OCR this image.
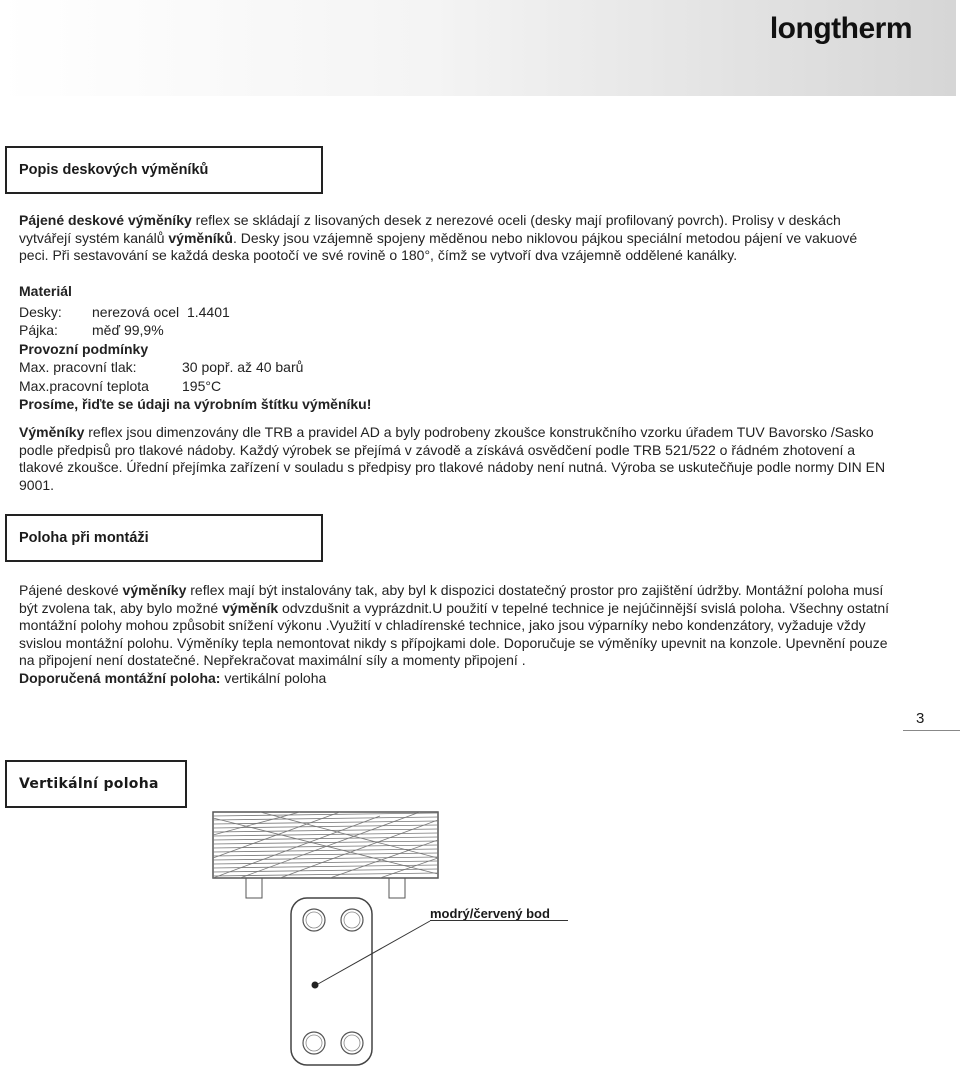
longtherm
Popis deskových výměníků
Pájené deskové výměníky reflex se skládají z lisovaných desek z nerezové oceli (desky mají profilovaný povrch). Prolisy v deskách vytvářejí systém kanálů výměníků. Desky jsou vzájemně spojeny měděnou nebo niklovou pájkou speciální metodou pájení ve vakuové peci. Při sestavování se každá deska pootočí ve své rovině o 180°, čímž se vytvoří dva vzájemně oddělené kanálky.
Materiál
Desky: nerezová ocel  1.4401
Pájka: měď 99,9%
Provozní podmínky
Max. pracovní tlak:	30 popř. až 40 barů
Max.pracovní teplota 195°C
Prosíme, řiďte se údaji na výrobním štítku výměníku!
Výměníky reflex jsou dimenzovány dle TRB a pravidel AD a byly podrobeny zkoušce konstrukčního vzorku úřadem TUV Bavorsko /Sasko podle předpisů pro tlakové nádoby. Každý výrobek se přejímá v závodě a získává osvědčení podle TRB 521/522 o řádném zhotovení a tlakové zkoušce. Úřední přejímka zařízení v souladu s předpisy pro tlakové nádoby není nutná. Výroba se uskutečňuje podle normy DIN EN 9001.
Poloha při montáži
Pájené deskové výměníky reflex mají být instalovány tak, aby byl k dispozici dostatečný prostor pro zajištění údržby. Montážní poloha musí být zvolena tak, aby bylo možné výměník odvzdušnit a vyprázdnit.U použití v tepelné technice je nejúčinnější svislá poloha. Všechny ostatní montážní polohy mohou způsobit snížení výkonu .Využití v chladírenské technice, jako jsou výparníky nebo kondenzátory, vyžaduje vždy svislou montážní polohu. Výměníky tepla nemontovat nikdy s přípojkami dole. Doporučuje se výměníky upevnit na konzole. Upevnění pouze na připojení není dostatečné. Nepřekračovat maximální síly a momenty připojení .
Doporučená montážní poloha: vertikální poloha
3
Vertikální poloha
modrý/červený bod
